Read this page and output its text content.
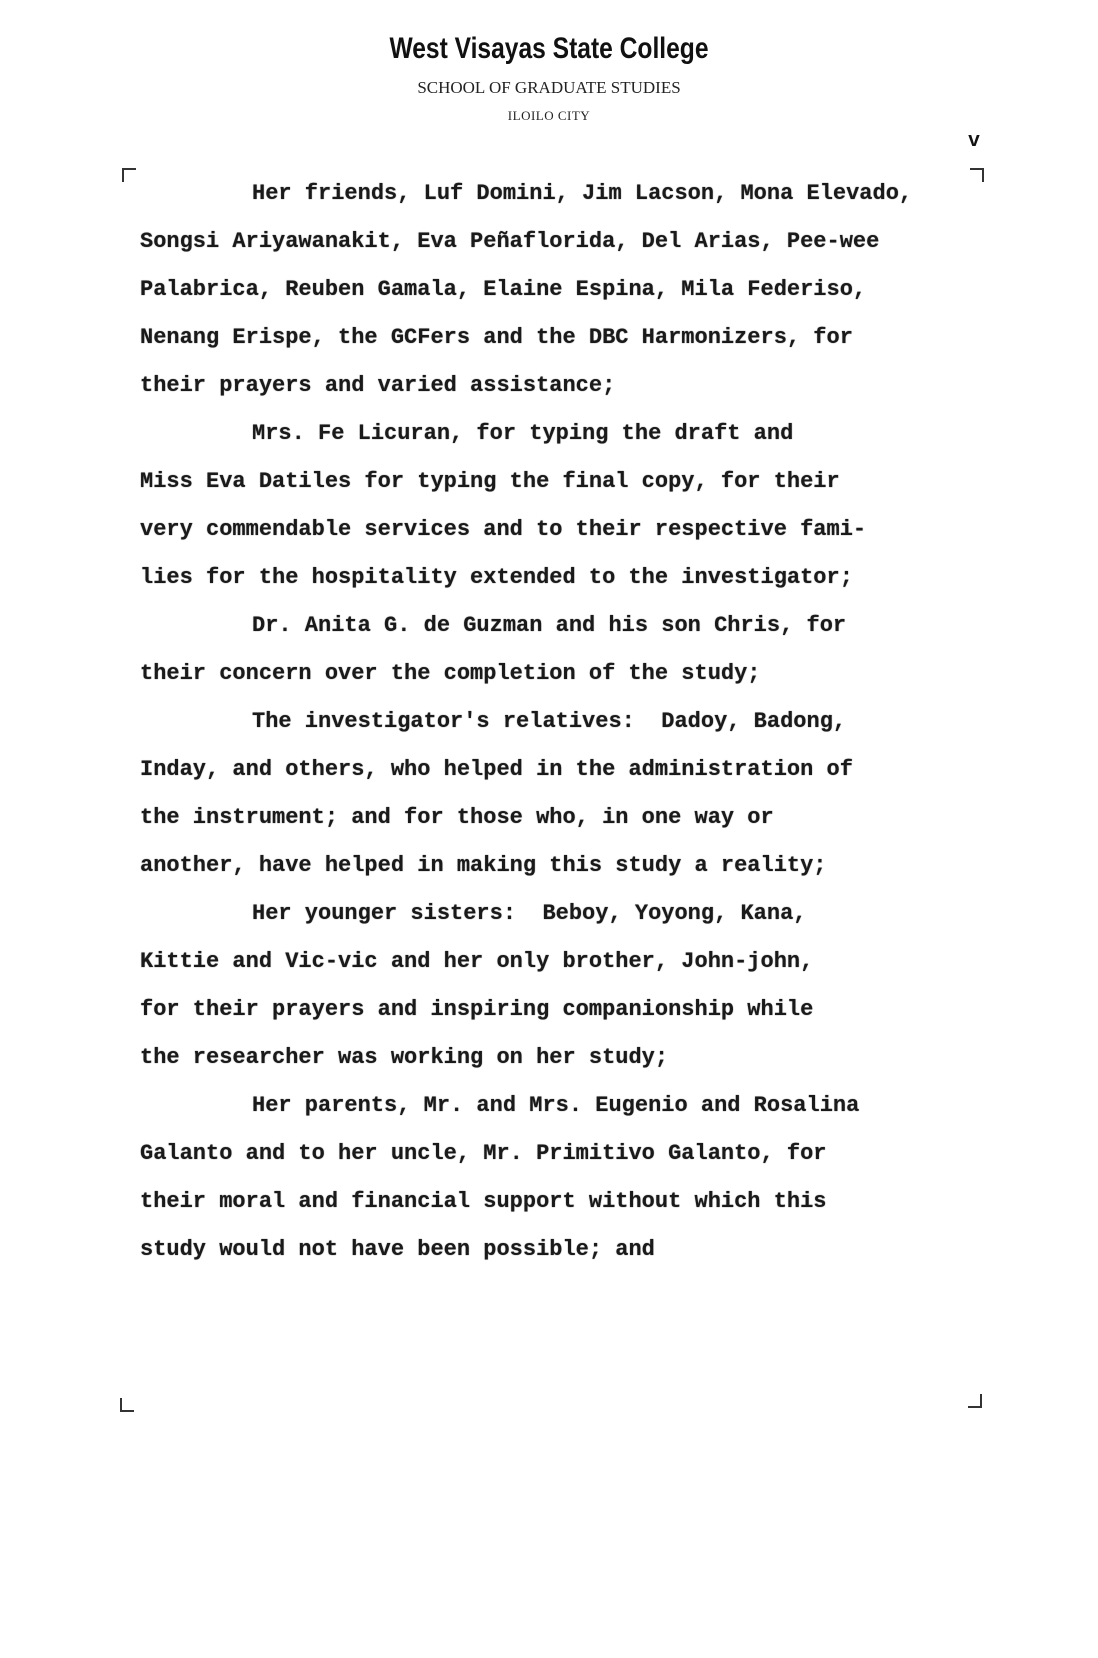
West Visayas State College
SCHOOL OF GRADUATE STUDIES
ILOILO CITY
v
Her friends, Luf Domini, Jim Lacson, Mona Elevado,
Songsi Ariyawanakit, Eva Peñaflorida, Del Arias, Pee-wee
Palabrica, Reuben Gamala, Elaine Espina, Mila Federiso,
Nenang Erispe, the GCFers and the DBC Harmonizers, for
their prayers and varied assistance;
Mrs. Fe Licuran, for typing the draft and
Miss Eva Datiles for typing the final copy, for their
very commendable services and to their respective fami-
lies for the hospitality extended to the investigator;
Dr. Anita G. de Guzman and his son Chris, for
their concern over the completion of the study;
The investigator's relatives:  Dadoy, Badong,
Inday, and others, who helped in the administration of
the instrument; and for those who, in one way or
another, have helped in making this study a reality;
Her younger sisters:  Beboy, Yoyong, Kana,
Kittie and Vic-vic and her only brother, John-john,
for their prayers and inspiring companionship while
the researcher was working on her study;
Her parents, Mr. and Mrs. Eugenio and Rosalina
Galanto and to her uncle, Mr. Primitivo Galanto, for
their moral and financial support without which this
study would not have been possible; and
